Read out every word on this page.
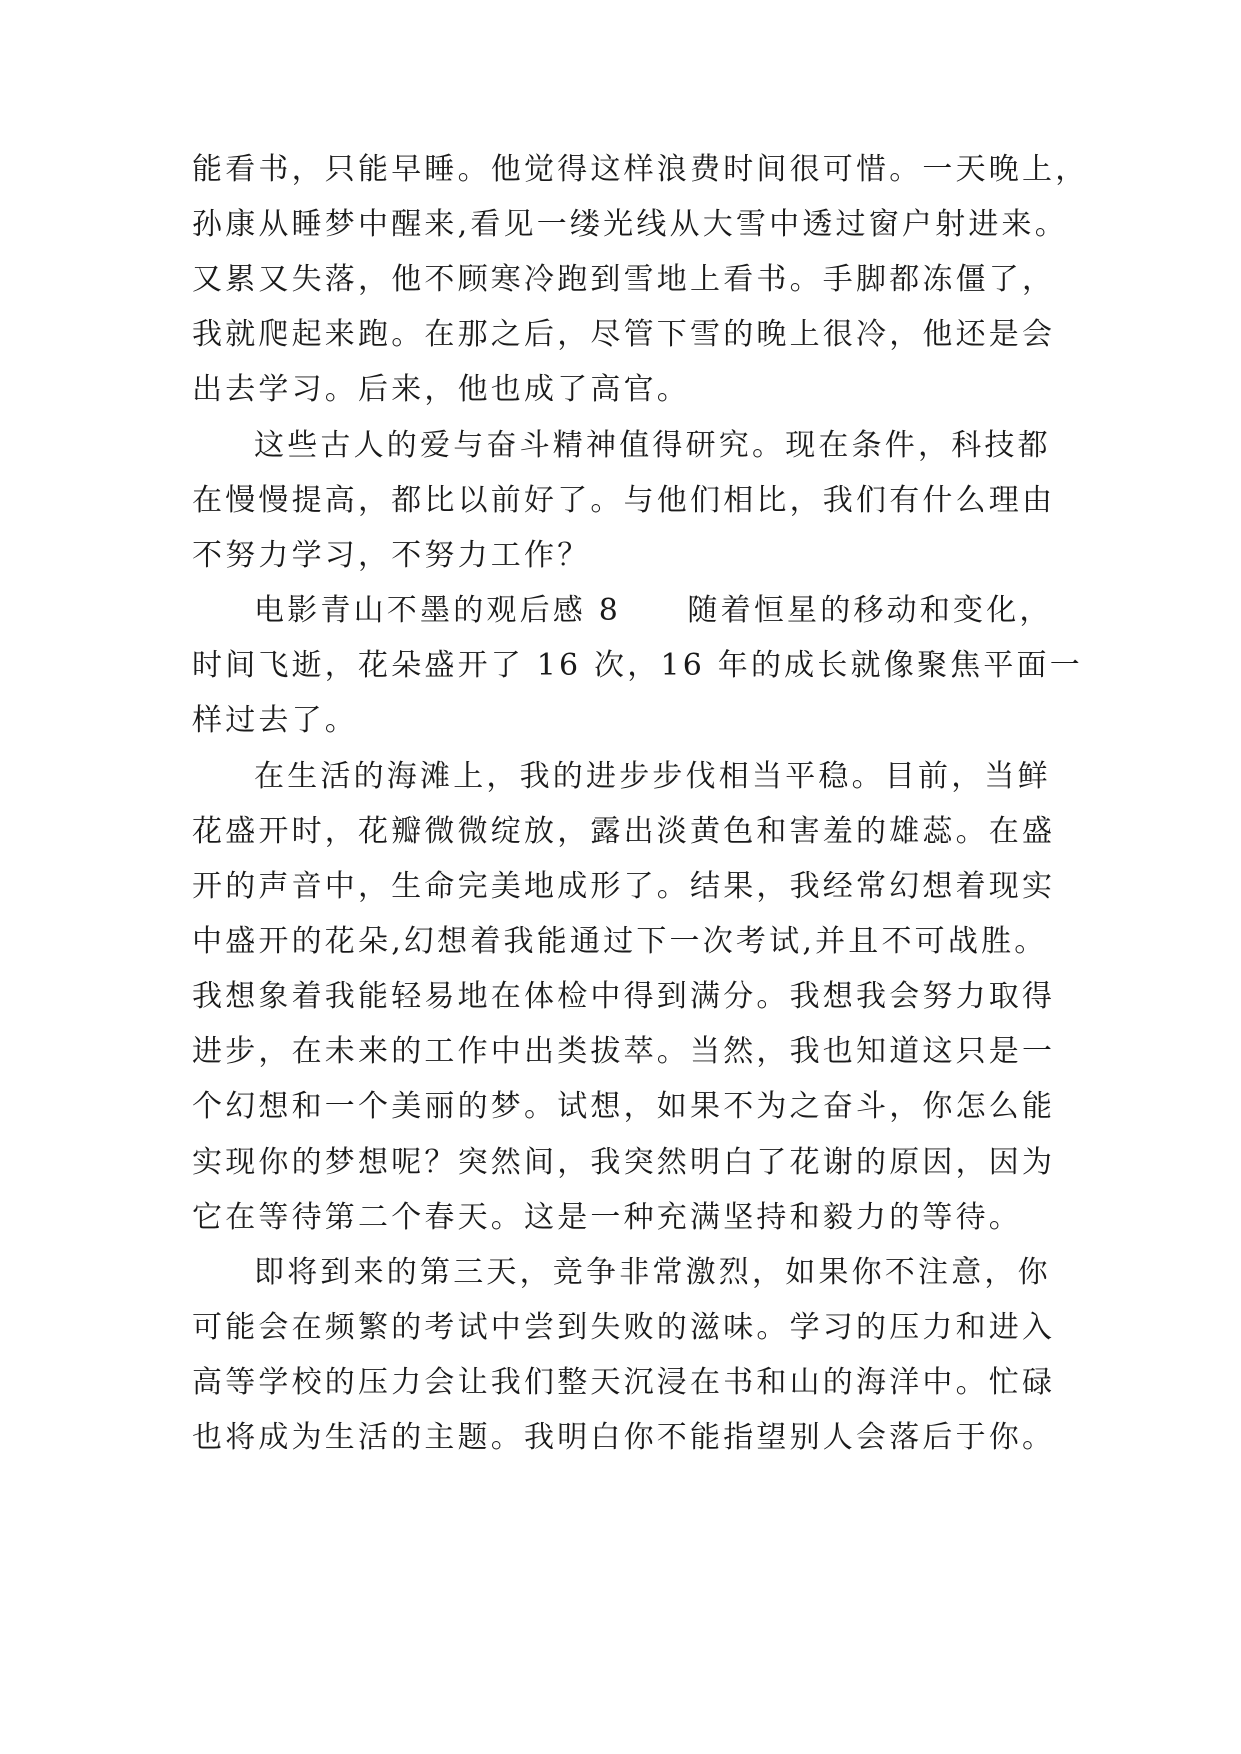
能看书，只能早睡。他觉得这样浪费时间很可惜。一天晚上，
孙康从睡梦中醒来,看见一缕光线从大雪中透过窗户射进来。
又累又失落，他不顾寒冷跑到雪地上看书。手脚都冻僵了，
我就爬起来跑。在那之后，尽管下雪的晚上很冷，他还是会
出去学习。后来，他也成了高官。
这些古人的爱与奋斗精神值得研究。现在条件，科技都
在慢慢提高，都比以前好了。与他们相比，我们有什么理由
不努力学习，不努力工作？
电影青山不墨的观后感 8　　随着恒星的移动和变化，
时间飞逝，花朵盛开了 16 次，16 年的成长就像聚焦平面一
样过去了。
在生活的海滩上，我的进步步伐相当平稳。目前，当鲜
花盛开时，花瓣微微绽放，露出淡黄色和害羞的雄蕊。在盛
开的声音中，生命完美地成形了。结果，我经常幻想着现实
中盛开的花朵,幻想着我能通过下一次考试,并且不可战胜。
我想象着我能轻易地在体检中得到满分。我想我会努力取得
进步，在未来的工作中出类拔萃。当然，我也知道这只是一
个幻想和一个美丽的梦。试想，如果不为之奋斗，你怎么能
实现你的梦想呢？突然间，我突然明白了花谢的原因，因为
它在等待第二个春天。这是一种充满坚持和毅力的等待。
即将到来的第三天，竞争非常激烈，如果你不注意，你
可能会在频繁的考试中尝到失败的滋味。学习的压力和进入
高等学校的压力会让我们整天沉浸在书和山的海洋中。忙碌
也将成为生活的主题。我明白你不能指望别人会落后于你。
